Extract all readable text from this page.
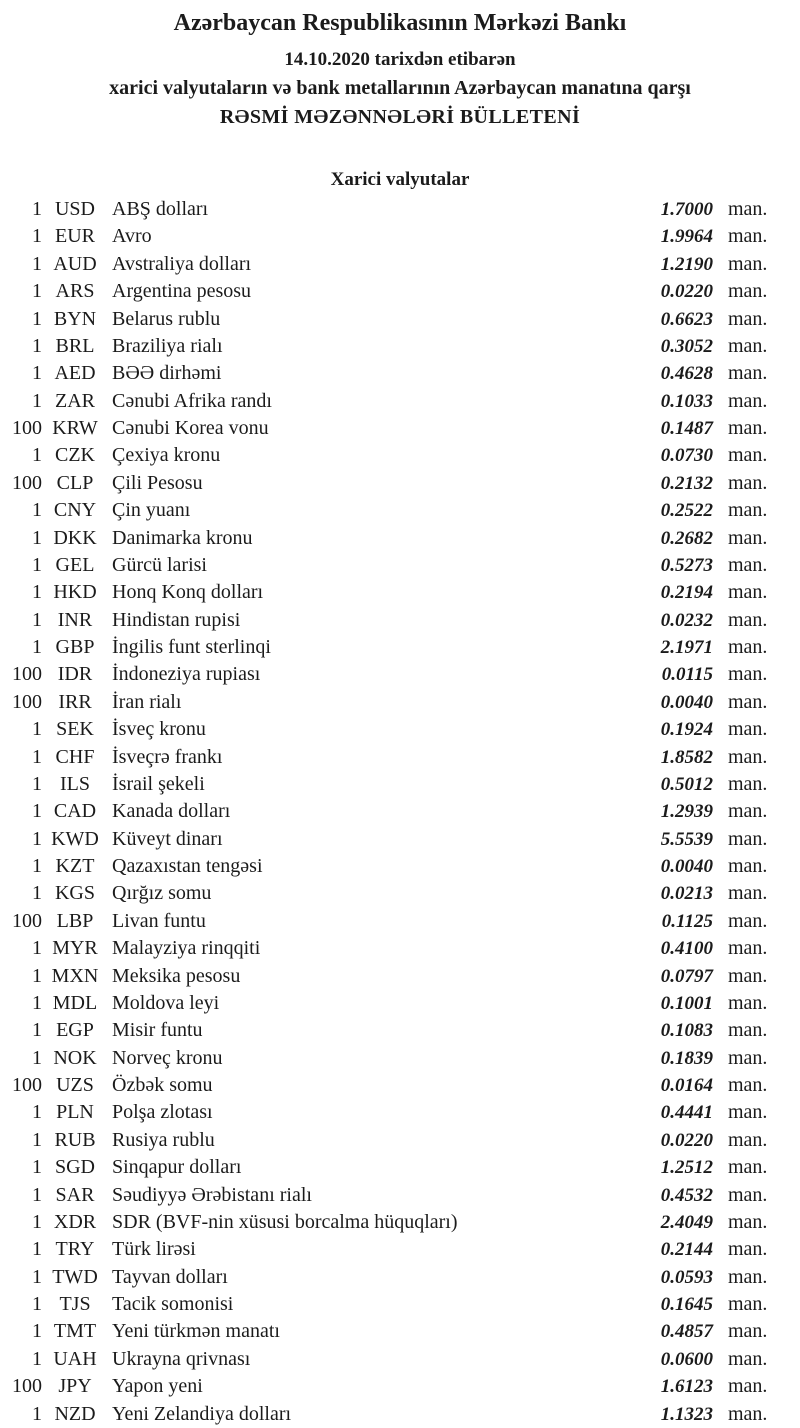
Azərbaycan Respublikasının Mərkəzi Bankı
14.10.2020 tarixdən etibarən
xarici valyutaların və bank metallarının Azərbaycan manatına qarşı
RƏSMİ MƏZƏNNƏLƏRİ BÜLLETENİ
Xarici valyutalar
1 USD ABŞ dolları	1.7000 man.
1 EUR Avro	1.9964 man.
1 AUD Avstraliya dolları	1.2190 man.
1 ARS Argentina pesosu	0.0220 man.
1 BYN Belarus rublu	0.6623 man.
1 BRL Braziliya rialı	0.3052 man.
1 AED BƏƏ dirhəmi	0.4628 man.
1 ZAR Cənubi Afrika randı	0.1033 man.
100 KRW Cənubi Korea vonu	0.1487 man.
1 CZK Çexiya kronu	0.0730 man.
100 CLP Çili Pesosu	0.2132 man.
1 CNY Çin yuanı	0.2522 man.
1 DKK Danimarka kronu	0.2682 man.
1 GEL Gürcü larisi	0.5273 man.
1 HKD Honq Konq dolları	0.2194 man.
1 INR Hindistan rupisi	0.0232 man.
1 GBP İngilis funt sterlinqi	2.1971 man.
100 IDR İndoneziya rupiası	0.0115 man.
100 IRR	İran rialı	0.0040 man.
1 SEK İsveç kronu	0.1924 man.
1 CHF İsveçrə frankı	1.8582 man.
1 ILS	İsrail şekeli	0.5012 man.
1 CAD Kanada dolları	1.2939 man.
1 KWD Küveyt dinarı	5.5539 man.
1 KZT Qazaxıstan tengəsi	0.0040 man.
1 KGS Qırğız somu	0.0213 man.
100 LBP Livan funtu	0.1125 man.
1 MYR Malayziya rinqqiti	0.4100 man.
1 MXN Meksika pesosu	0.0797 man.
1 MDL Moldova leyi	0.1001 man.
1 EGP Misir funtu	0.1083 man.
1 NOK Norveç kronu	0.1839 man.
100 UZS Özbək somu	0.0164 man.
1 PLN Polşa zlotası	0.4441 man.
1 RUB Rusiya rublu	0.0220 man.
1 SGD Sinqapur dolları	1.2512 man.
1 SAR Səudiyyə Ərəbistanı rialı	0.4532 man.
1 XDR SDR (BVF-nin xüsusi borcalma hüquqları)	2.4049 man.
1 TRY Türk lirəsi	0.2144 man.
1 TWD Tayvan dolları	0.0593 man.
1 TJS	Tacik somonisi	0.1645 man.
1 TMT Yeni türkmən manatı	0.4857 man.
1 UAH Ukrayna qrivnası	0.0600 man.
100 JPY	Yapon yeni	1.6123 man.
1 NZD Yeni Zelandiya dolları	1.1323 man.
